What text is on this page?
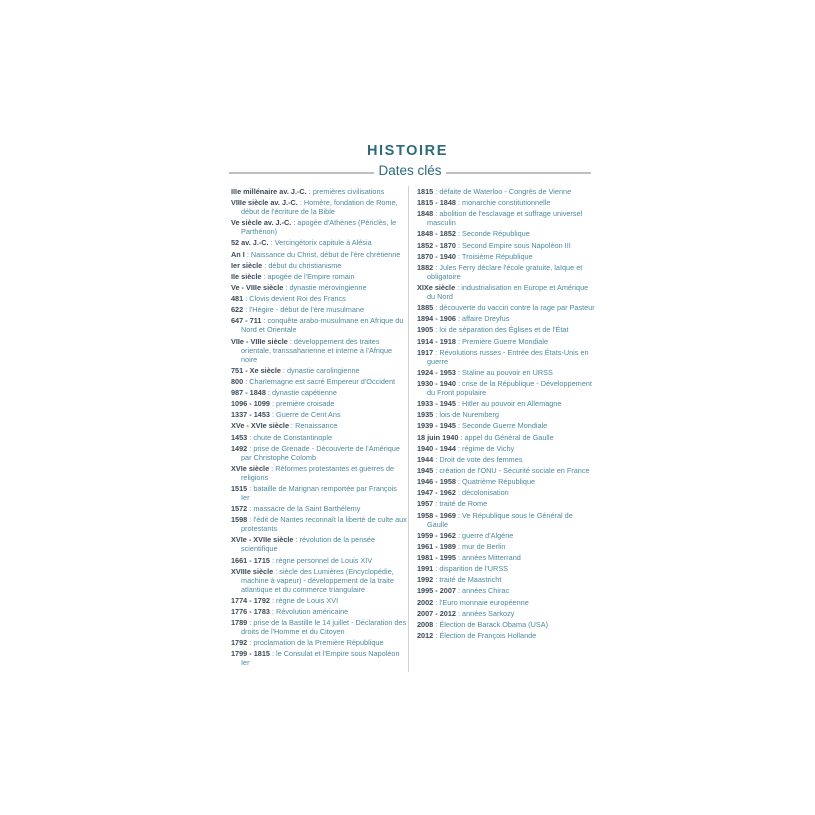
HISTOIRE
Dates clés
IIIe millénaire av. J.-C. : premières civilisations
VIIIe siècle av. J.-C. : Homère, fondation de Rome, début de l'écriture de la Bible
Ve siècle av. J.-C. : apogée d'Athènes (Périclès, le Parthénon)
52 av. J.-C. : Vercingétorix capitule à Alésia
An I : Naissance du Christ, début de l'ère chrétienne
Ier siècle : début du christianisme
IIe siècle : apogée de l'Empire romain
Ve - VIIIe siècle : dynastie mérovingienne
481 : Clovis devient Roi des Francs
622 : l'Hégire - début de l'ère musulmane
647 - 711 : conquête arabo-musulmane en Afrique du Nord et Orientale
VIIe - VIIIe siècle : développement des traites orientale, transsaharienne et interne à l'Afrique noire
751 - Xe siècle : dynastie carolingienne
800 : Charlemagne est sacré Empereur d'Occident
987 - 1848 : dynastie capétienne
1096 - 1099 : première croisade
1337 - 1453 : Guerre de Cent Ans
XVe - XVIe siècle : Renaissance
1453 : chute de Constantinople
1492 : prise de Grenade - Découverte de l'Amérique par Christophe Colomb
XVIe siècle : Réformes protestantes et guerres de religions
1515 : bataille de Marignan remportée par François Ier
1572 : massacre de la Saint Barthélemy
1598 : l'édit de Nantes reconnaît la liberté de culte aux protestants
XVIe - XVIIe siècle : révolution de la pensée scientifique
1661 - 1715 : règne personnel de Louis XIV
XVIIIe siècle : siècle des Lumières (Encyclopédie, machine à vapeur) - développement de la traite atlantique et du commerce triangulaire
1774 - 1792 : règne de Louis XVI
1776 - 1783 : Révolution américaine
1789 : prise de la Bastille le 14 juillet - Déclaration des droits de l'Homme et du Citoyen
1792 : proclamation de la Première République
1799 - 1815 : le Consulat et l'Empire sous Napoléon Ier
1815 : défaite de Waterloo - Congrès de Vienne
1815 - 1848 : monarchie constitutionnelle
1848 : abolition de l'esclavage et suffrage universel masculin
1848 - 1852 : Seconde République
1852 - 1870 : Second Empire sous Napoléon III
1870 - 1940 : Troisième République
1882 : Jules Ferry déclare l'école gratuite, laïque et obligatoire
XIXe siècle : industrialisation en Europe et Amérique du Nord
1885 : découverte du vaccin contre la rage par Pasteur
1894 - 1906 : affaire Dreyfus
1905 : loi de séparation des Églises et de l'État
1914 - 1918 : Première Guerre Mondiale
1917 : Révolutions russes - Entrée des États-Unis en guerre
1924 - 1953 : Staline au pouvoir en URSS
1930 - 1940 : crise de la République - Développement du Front populaire
1933 - 1945 : Hitler au pouvoir en Allemagne
1935 : lois de Nuremberg
1939 - 1945 : Seconde Guerre Mondiale
18 juin 1940 : appel du Général de Gaulle
1940 - 1944 : régime de Vichy
1944 : Droit de vote des femmes
1945 : création de l'ONU - Sécurité sociale en France
1946 - 1958 : Quatrième République
1947 - 1962 : décolonisation
1957 : traité de Rome
1958 - 1969 : Ve République sous le Général de Gaulle
1959 - 1962 : guerre d'Algérie
1961 - 1989 : mur de Berlin
1981 - 1995 : années Mitterrand
1991 : disparition de l'URSS
1992 : traité de Maastricht
1995 - 2007 : années Chirac
2002 : l'Euro monnaie européenne
2007 - 2012 : années Sarkozy
2008 : Élection de Barack Obama (USA)
2012 : Élection de François Hollande
